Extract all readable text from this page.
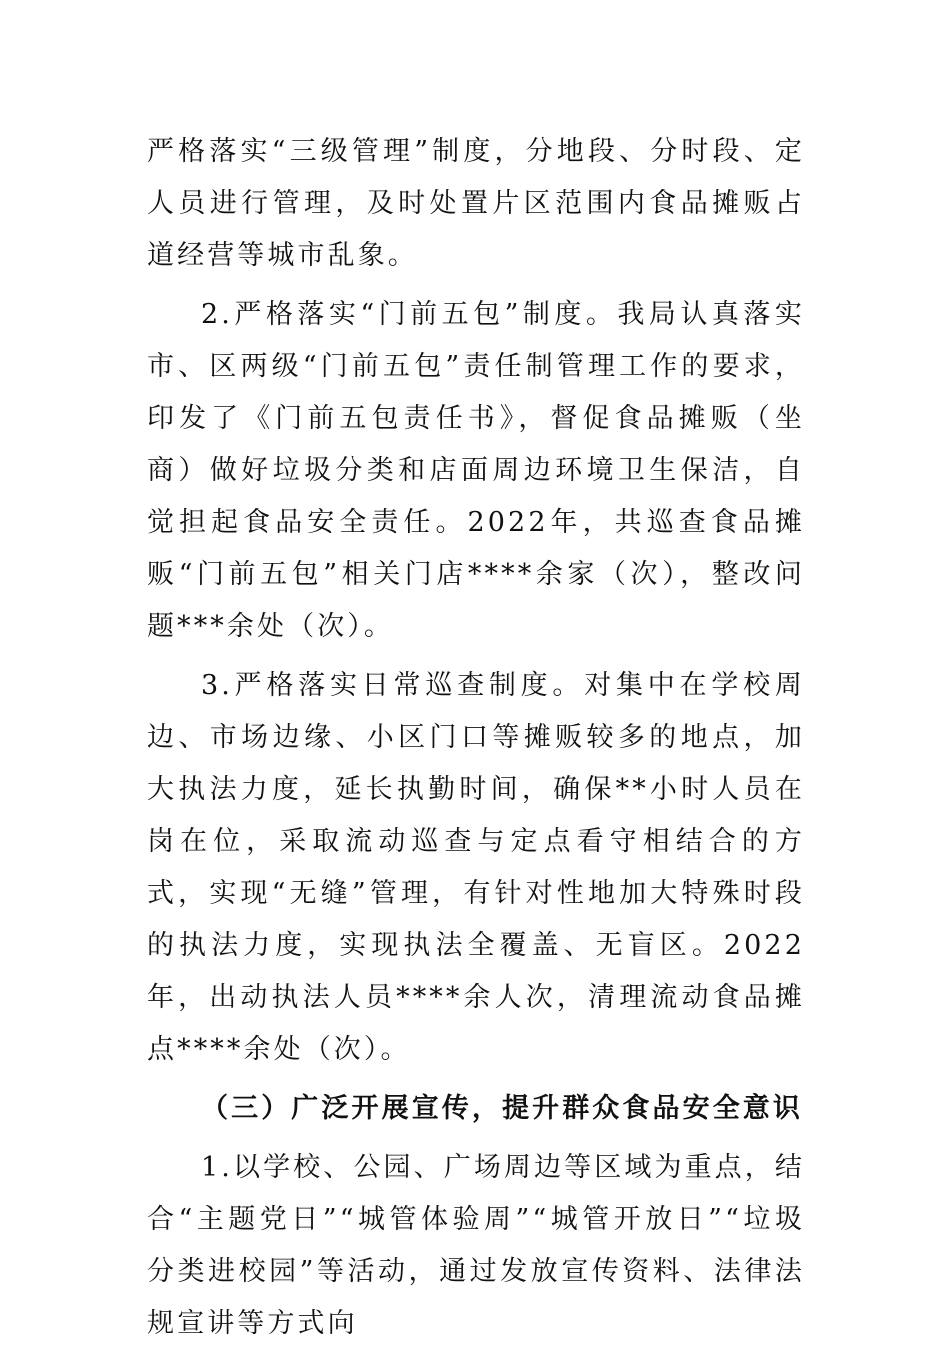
严格落实“三级管理”制度，分地段、分时段、定人员进行管理，及时处置片区范围内食品摊贩占道经营等城市乱象。

2.严格落实“门前五包”制度。我局认真落实市、区两级“门前五包”责任制管理工作的要求，印发了《门前五包责任书》，督促食品摊贩（坐商）做好垃圾分类和店面周边环境卫生保洁，自觉担起食品安全责任。2022年，共巡查食品摊贩“门前五包”相关门店****余家（次），整改问题***余处（次）。

3.严格落实日常巡查制度。对集中在学校周边、市场边缘、小区门口等摊贩较多的地点，加大执法力度，延长执勤时间，确保**小时人员在岗在位，采取流动巡查与定点看守相结合的方式，实现“无缝”管理，有针对性地加大特殊时段的执法力度，实现执法全覆盖、无盲区。2022年，出动执法人员****余人次，清理流动食品摊点****余处（次）。

（三）广泛开展宣传，提升群众食品安全意识

1.以学校、公园、广场周边等区域为重点，结合“主题党日”“城管体验周”“城管开放日”“垃圾分类进校园”等活动，通过发放宣传资料、法律法规宣讲等方式向
